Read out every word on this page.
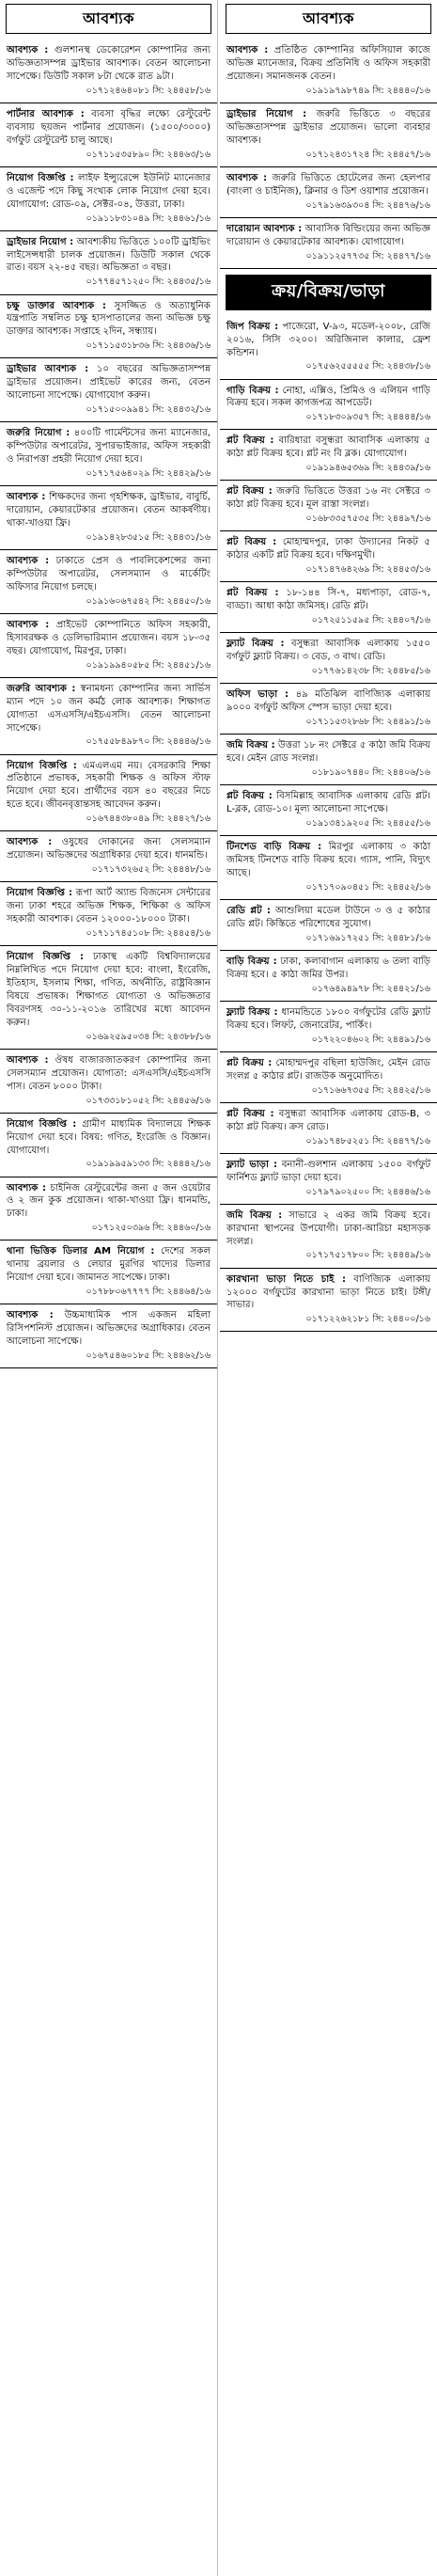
আবশ্যক
আবশ্যক : গুলশানস্থ ডেকোরেশন কোম্পানির জন্য অভিজ্ঞতাসম্পন্ন ড্রাইভার আবশ্যক। বেতন আলোচনা সাপেক্ষে। ডিউটি সকাল ৮টা থেকে রাত ৯টা।
০১৭১২৪৬৪০৮১ সি: ২৪৪৫৮/১৬
পার্টনার আবশ্যক : ব্যবসা বৃদ্ধির লক্ষ্যে রেস্টুরেন্ট ব্যবসায় ছয়জন পার্টনার প্রয়োজন। (১৫০০/৩০০০) বর্গফুট রেস্টুরেন্ট চালু আছে।
০১৭১১৫৩৫৮৯০ সি: ২৪৪৬৩/১৬
নিয়োগ বিজ্ঞপ্তি : লাইফ ইন্স্যুরেন্সে ইউনিট ম্যানেজার ও এজেন্ট পদে কিছু সংখ্যক লোক নিয়োগ দেয়া হবে। যোগাযোগ: রোড-০৯, সেক্টর-০৪, উত্তরা, ঢাকা।
০১৯১১৮৩১০৪৯ সি: ২৪৪৬১/১৬
ড্রাইভার নিয়োগ : আবশ্যকীয় ভিত্তিতে ১০০টি ড্রাইভিং লাইসেন্সধারী চালক প্রয়োজন। ডিউটি সকাল থেকে রাত। বয়স ২২-৪৫ বছর। অভিজ্ঞতা ৩ বছর।
০১৭৭৪৫৭১২৫০ সি: ২৪৪৩৫/১৬
চক্ষু ডাক্তার আবশ্যক : সুসজ্জিত ও অত্যাধুনিক যন্ত্রপাতি সম্বলিত চক্ষু হাসপাতালের জন্য অভিজ্ঞ চক্ষু ডাক্তার আবশ্যক। সপ্তাহে ২দিন, সন্ধ্যায়।
০১৭১১৫৩১৮৩৬ সি: ২৪৪৩৬/১৬
ড্রাইভার আবশ্যক : ১০ বছরের অভিজ্ঞতাসম্পন্ন ড্রাইভার প্রয়োজন। প্রাইভেট কারের জন্য, বেতন আলোচনা সাপেক্ষে। যোগাযোগ করুন।
০১৭১৫০০৯৯৪১ সি: ২৪৪৩২/১৬
জরুরি নিয়োগ : ৪০০টি গার্মেন্টসের জন্য ম্যানেজার, কম্পিউটার অপারেটর, সুপারভাইজার, অফিস সহকারী ও নিরাপত্তা প্রহরী নিয়োগ দেয়া হবে।
০১৭১৭৫৬৪০২৯ সি: ২৪৪২৯/১৬
আবশ্যক : শিক্ষকদের জন্য গৃহশিক্ষক, ড্রাইভার, বাবুর্চি, দারোয়ান, কেয়ারটেকার প্রয়োজন। বেতন আকর্ষণীয়। থাকা-খাওয়া ফ্রি।
০১৯১৪২৮৩৫১৫ সি: ২৪৪৩১/১৬
আবশ্যক : ঢাকাতে প্রেস ও পাবলিকেশন্সের জন্য কম্পিউটার অপারেটর, সেলসম্যান ও মার্কেটিং অফিসার নিয়োগ চলছে।
০১৯১৬০৬৭৫৪২ সি: ২৪৪৫০/১৬
আবশ্যক : প্রাইভেট কোম্পানিতে অফিস সহকারী, হিসাবরক্ষক ও ডেলিভারিম্যান প্রয়োজন। বয়স ১৮-৩৫ বছর। যোগাযোগ, মিরপুর, ঢাকা।
০১৯১৯৯৪০৫৮৫ সি: ২৪৪৫১/১৬
জরুরি আবশ্যক : স্বনামধন্য কোম্পানির জন্য সার্ভিস ম্যান পদে ১০ জন কর্মঠ লোক আবশ্যক। শিক্ষাগত যোগ্যতা এসএসসি/এইচএসসি। বেতন আলোচনা সাপেক্ষে।
০১৭৫৫৮৪৯৮৭০ সি: ২৪৪৪৬/১৬
নিয়োগ বিজ্ঞপ্তি : এমএলএম নয়। বেসরকারি শিক্ষা প্রতিষ্ঠানে প্রভাষক, সহকারী শিক্ষক ও অফিস স্টাফ নিয়োগ দেয়া হবে। প্রার্থীদের বয়স ৪০ বছরের নিচে হতে হবে। জীবনবৃত্তান্তসহ আবেদন করুন।
০১৬৭৪৪৩৮০৪৯ সি: ২৪৪২৭/১৬
আবশ্যক : ওষুধের দোকানের জন্য সেলসম্যান প্রয়োজন। অভিজ্ঞদের অগ্রাধিকার দেয়া হবে। ধানমন্ডি।
০১৭১৭৩২৬৫২ সি: ২৪৪৪৮/১৬
নিয়োগ বিজ্ঞপ্তি : রূপা আর্ট অ্যান্ড বিজনেস সেন্টারের জন্য ঢাকা শহরে অভিজ্ঞ শিক্ষক, শিক্ষিকা ও অফিস সহকারী আবশ্যক। বেতন ১২০০০-১৮০০০ টাকা।
০১৭১১৭৪৫১০৮ সি: ২৪৪৫৪/১৬
নিয়োগ বিজ্ঞপ্তি : ঢাকাস্থ একটি বিশ্ববিদ্যালয়ের নিম্নলিখিত পদে নিয়োগ দেয়া হবে: বাংলা, ইংরেজি, ইতিহাস, ইসলাম শিক্ষা, গণিত, অর্থনীতি, রাষ্ট্রবিজ্ঞান বিষয়ে প্রভাষক। শিক্ষাগত যোগ্যতা ও অভিজ্ঞতার বিবরণসহ ৩০-১১-২০১৬ তারিখের মধ্যে আবেদন করুন।
০১৬৯২৫৯৫০৩৪ সি: ২৪৩৮৮/১৬
আবশ্যক : ঔষধ বাজারজাতকরণ কোম্পানির জন্য সেলসম্যান প্রয়োজন। যোগ্যতা: এসএসসি/এইচএসসি পাস। বেতন ৮০০০ টাকা।
০১৭৩৩১৮১০৫২ সি: ২৪৪৫৬/১৬
নিয়োগ বিজ্ঞপ্তি : গ্রামীণ মাধ্যমিক বিদ্যালয়ে শিক্ষক নিয়োগ দেয়া হবে। বিষয়: গণিত, ইংরেজি ও বিজ্ঞান। যোগাযোগ।
০১৯১৯৯৫৯১৩৩ সি: ২৪৪৪২/১৬
আবশ্যক : চাইনিজ রেস্টুরেন্টের জন্য ৫ জন ওয়েটার ও ২ জন কুক প্রয়োজন। থাকা-খাওয়া ফ্রি। ধানমন্ডি, ঢাকা।
০১৭১২৫০৩৯৬ সি: ২৪৪৬০/১৬
থানা ভিত্তিক ডিলার AM নিয়োগ : দেশের সকল থানায় ব্রয়লার ও লেয়ার মুরগির খাদ্যের ডিলার নিয়োগ দেয়া হবে। জামানত সাপেক্ষে। ঢাকা।
০১৭৮৮০৬৭৭৭৭ সি: ২৪৪৬৪/১৬
আবশ্যক : উচ্চমাধ্যমিক পাস একজন মহিলা রিসিপশনিস্ট প্রয়োজন। অভিজ্ঞদের অগ্রাধিকার। বেতন আলোচনা সাপেক্ষে।
০১৬৭৫৪৬০১৮৫ সি: ২৪৪৬২/১৬
আবশ্যক
আবশ্যক : প্রতিষ্ঠিত কোম্পানির অফিসিয়াল কাজে অভিজ্ঞ ম্যানেজার, বিক্রয় প্রতিনিধি ও অফিস সহকারী প্রয়োজন। সমানজনক বেতন।
০১৯১৯৭৯৮৭৪৯ সি: ২৪৪৪০/১৬
ড্রাইভার নিয়োগ : জরুরি ভিত্তিতে ৩ বছরের অভিজ্ঞতাসম্পন্ন ড্রাইভার প্রয়োজন। ভালো ব্যবহার আবশ্যক।
০১৭১২৪৩১৭২৪ সি: ২৪৪৫৭/১৬
আবশ্যক : জরুরি ভিত্তিতে হোটেলের জন্য হেলপার (বাংলা ও চাইনিজ), ক্লিনার ও ডিশ ওয়াশার প্রয়োজন।
০১৭৯১৬৩৯৩০৪ সি: ২৪৪৭৬/১৬
দারোয়ান আবশ্যক : আবাসিক বিল্ডিংয়ের জন্য অভিজ্ঞ দারোয়ান ও কেয়ারটেকার আবশ্যক। যোগাযোগ।
০১৯১১২৫৭৭৩৫ সি: ২৪৪৭৭/১৬
ক্রয়/বিক্রয়/ভাড়া
জিপ বিক্রয় : পাজেরো, V-৯৩, মডেল-২০০৮, রেজি ২০১৬, সিসি ৩২০০। অরিজিনাল কালার, ফ্রেশ কন্ডিশন।
০১৭৫৬২৫৫৫৫৫ সি: ২৪৪৩৮/১৬
গাড়ি বিক্রয় : নোহা, এক্সিও, প্রিমিও ও এলিয়ন গাড়ি বিক্রয় হবে। সকল কাগজপত্র আপডেট।
০১৭১৮৩০৯৩৫৭ সি: ২৪৪৪৪/১৬
প্লট বিক্রয় : বারিধারা বসুন্ধরা আবাসিক এলাকায় ৫ কাঠা প্লট বিক্রয় হবে। প্লট নং বি ব্লক। যোগাযোগ।
০১৯১৯৪৬৫৩৬৯ সি: ২৪৪৩৯/১৬
প্লট বিক্রয় : জরুরি ভিত্তিতে উত্তরা ১৬ নং সেক্টরে ৩ কাঠা প্লট বিক্রয় হবে। মূল রাস্তা সংলগ্ন।
০১৬৮৩৩৫৭৫৩৫ সি: ২৪৪৯৭/১৬
প্লট বিক্রয় : মোহাম্মদপুর, ঢাকা উদ্যানের নিকট ৫ কাঠার একটি প্লট বিক্রয় হবে। দক্ষিণমুখী।
০১৭১৪৭৬৪২৬৯ সি: ২৪৪৫৩/১৬
প্লট বিক্রয় : ১৮-১৪৪ সি-৭, মধ্যপাড়া, রোড-৭, বাড্ডা। আধা কাঠা জমিসহ। রেডি প্লট।
০১৭২৫১১৫৯৫ সি: ২৪৪০৭/১৬
ফ্ল্যাট বিক্রয় : বসুন্ধরা আবাসিক এলাকায় ১৫৫০ বর্গফুট ফ্ল্যাট বিক্রয়। ৩ বেড, ৩ বাথ। রেডি।
০১৭৭৬১৪২৩৮ সি: ২৪৪৮৫/১৬
অফিস ভাড়া : ৪৯ মতিঝিল বাণিজ্যিক এলাকায় ৯০০০ বর্গফুট অফিস স্পেস ভাড়া দেয়া হবে।
০১৭১১৫৩২৮৬৮ সি: ২৪৪৯১/১৬
জমি বিক্রয় : উত্তরা ১৮ নং সেক্টরে ৫ কাঠা জমি বিক্রয় হবে। মেইন রোড সংলগ্ন।
০১৮১৯০৭৪৪০ সি: ২৪৪০৬/১৬
প্লট বিক্রয় : বিসমিল্লাহ আবাসিক এলাকায় রেডি প্লট। L-ব্লক, রোড-১০। মূল্য আলোচনা সাপেক্ষে।
০১৯১৩৪১৯২০৫ সি: ২৪৪৫৫/১৬
টিনশেড বাড়ি বিক্রয় : মিরপুর এলাকায় ৩ কাঠা জমিসহ টিনশেড বাড়ি বিক্রয় হবে। গ্যাস, পানি, বিদ্যুৎ আছে।
০১৭১৭০৯০৪৫১ সি: ২৪৪৫২/১৬
রেডি প্লট : আশুলিয়া মডেল টাউনে ৩ ও ৫ কাঠার রেডি প্লট। কিস্তিতে পরিশোধের সুযোগ।
০১৭১৬৯১৭২৫১ সি: ২৪৪৮১/১৬
বাড়ি বিক্রয় : ঢাকা, কলাবাগান এলাকায় ৬ তলা বাড়ি বিক্রয় হবে। ৫ কাঠা জমির উপর।
০১৭৬৪৯৪৯৭৮ সি: ২৪৪২১/১৬
ফ্ল্যাট বিক্রয় : ধানমন্ডিতে ১৮০০ বর্গফুটের রেডি ফ্ল্যাট বিক্রয় হবে। লিফট, জেনারেটর, পার্কিং।
০১৭২২০৪৬০২ সি: ২৪৪৯১/১৬
প্লট বিক্রয় : মোহাম্মদপুর বছিলা হাউজিং, মেইন রোড সংলগ্ন ৫ কাঠার প্লট। রাজউক অনুমোদিত।
০১৭১৬৬৭৩৫৫ সি: ২৪৪২৫/১৬
প্লট বিক্রয় : বসুন্ধরা আবাসিক এলাকায় রোড-B, ৩ কাঠা প্লট বিক্রয়। ক্রস রোড।
০১৯১৭৪৮৫২৫১ সি: ২৪৪৭৭/১৬
ফ্ল্যাট ভাড়া : বনানী-গুলশান এলাকায় ১৫০০ বর্গফুট ফার্নিশড ফ্ল্যাট ভাড়া দেয়া হবে।
০১৭৯৭৯০২৫০০ সি: ২৪৪৪৬/১৬
জমি বিক্রয় : সাভারে ২ একর জমি বিক্রয় হবে। কারখানা স্থাপনের উপযোগী। ঢাকা-আরিচা মহাসড়ক সংলগ্ন।
০১৭১৭৫১৭৮০০ সি: ২৪৪৪৯/১৬
কারখানা ভাড়া নিতে চাই : বাণিজ্যিক এলাকায় ১২০০০ বর্গফুটের কারখানা ভাড়া নিতে চাই। টঙ্গী/সাভার।
০১৭১২২৬২১৮১ সি: ২৪৪০০/১৬
